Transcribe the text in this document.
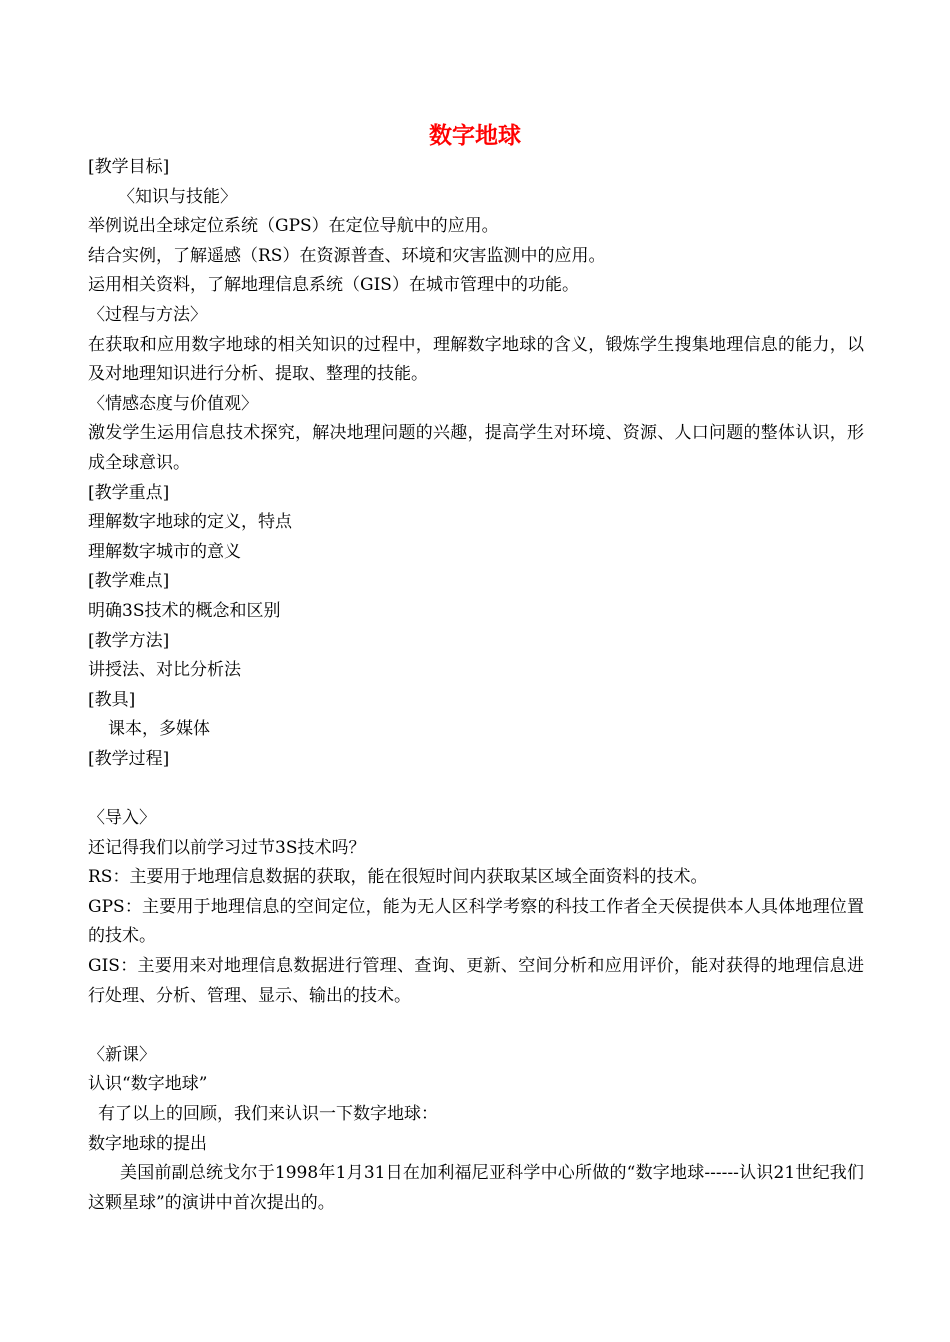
数字地球

[教学目标]

〈知识与技能〉

举例说出全球定位系统（GPS）在定位导航中的应用。

结合实例，了解遥感（RS）在资源普查、环境和灾害监测中的应用。

运用相关资料，了解地理信息系统（GIS）在城市管理中的功能。

〈过程与方法〉

在获取和应用数字地球的相关知识的过程中，理解数字地球的含义，锻炼学生搜集地理信息的能力，以及对地理知识进行分析、提取、整理的技能。

〈情感态度与价值观〉

激发学生运用信息技术探究，解决地理问题的兴趣，提高学生对环境、资源、人口问题的整体认识，形成全球意识。

[教学重点]

理解数字地球的定义，特点

理解数字城市的意义

[教学难点]

明确3S技术的概念和区别

[教学方法]

讲授法、对比分析法

[教具]

课本，多媒体

[教学过程]

〈导入〉

还记得我们以前学习过节3S技术吗？

RS：主要用于地理信息数据的获取，能在很短时间内获取某区域全面资料的技术。

GPS：主要用于地理信息的空间定位，能为无人区科学考察的科技工作者全天侯提供本人具体地理位置的技术。

GIS：主要用来对地理信息数据进行管理、查询、更新、空间分析和应用评价，能对获得的地理信息进行处理、分析、管理、显示、输出的技术。

〈新课〉

认识“数字地球”

有了以上的回顾，我们来认识一下数字地球：

数字地球的提出

美国前副总统戈尔于1998年1月31日在加利福尼亚科学中心所做的“数字地球------认识21世纪我们这颗星球”的演讲中首次提出的。
